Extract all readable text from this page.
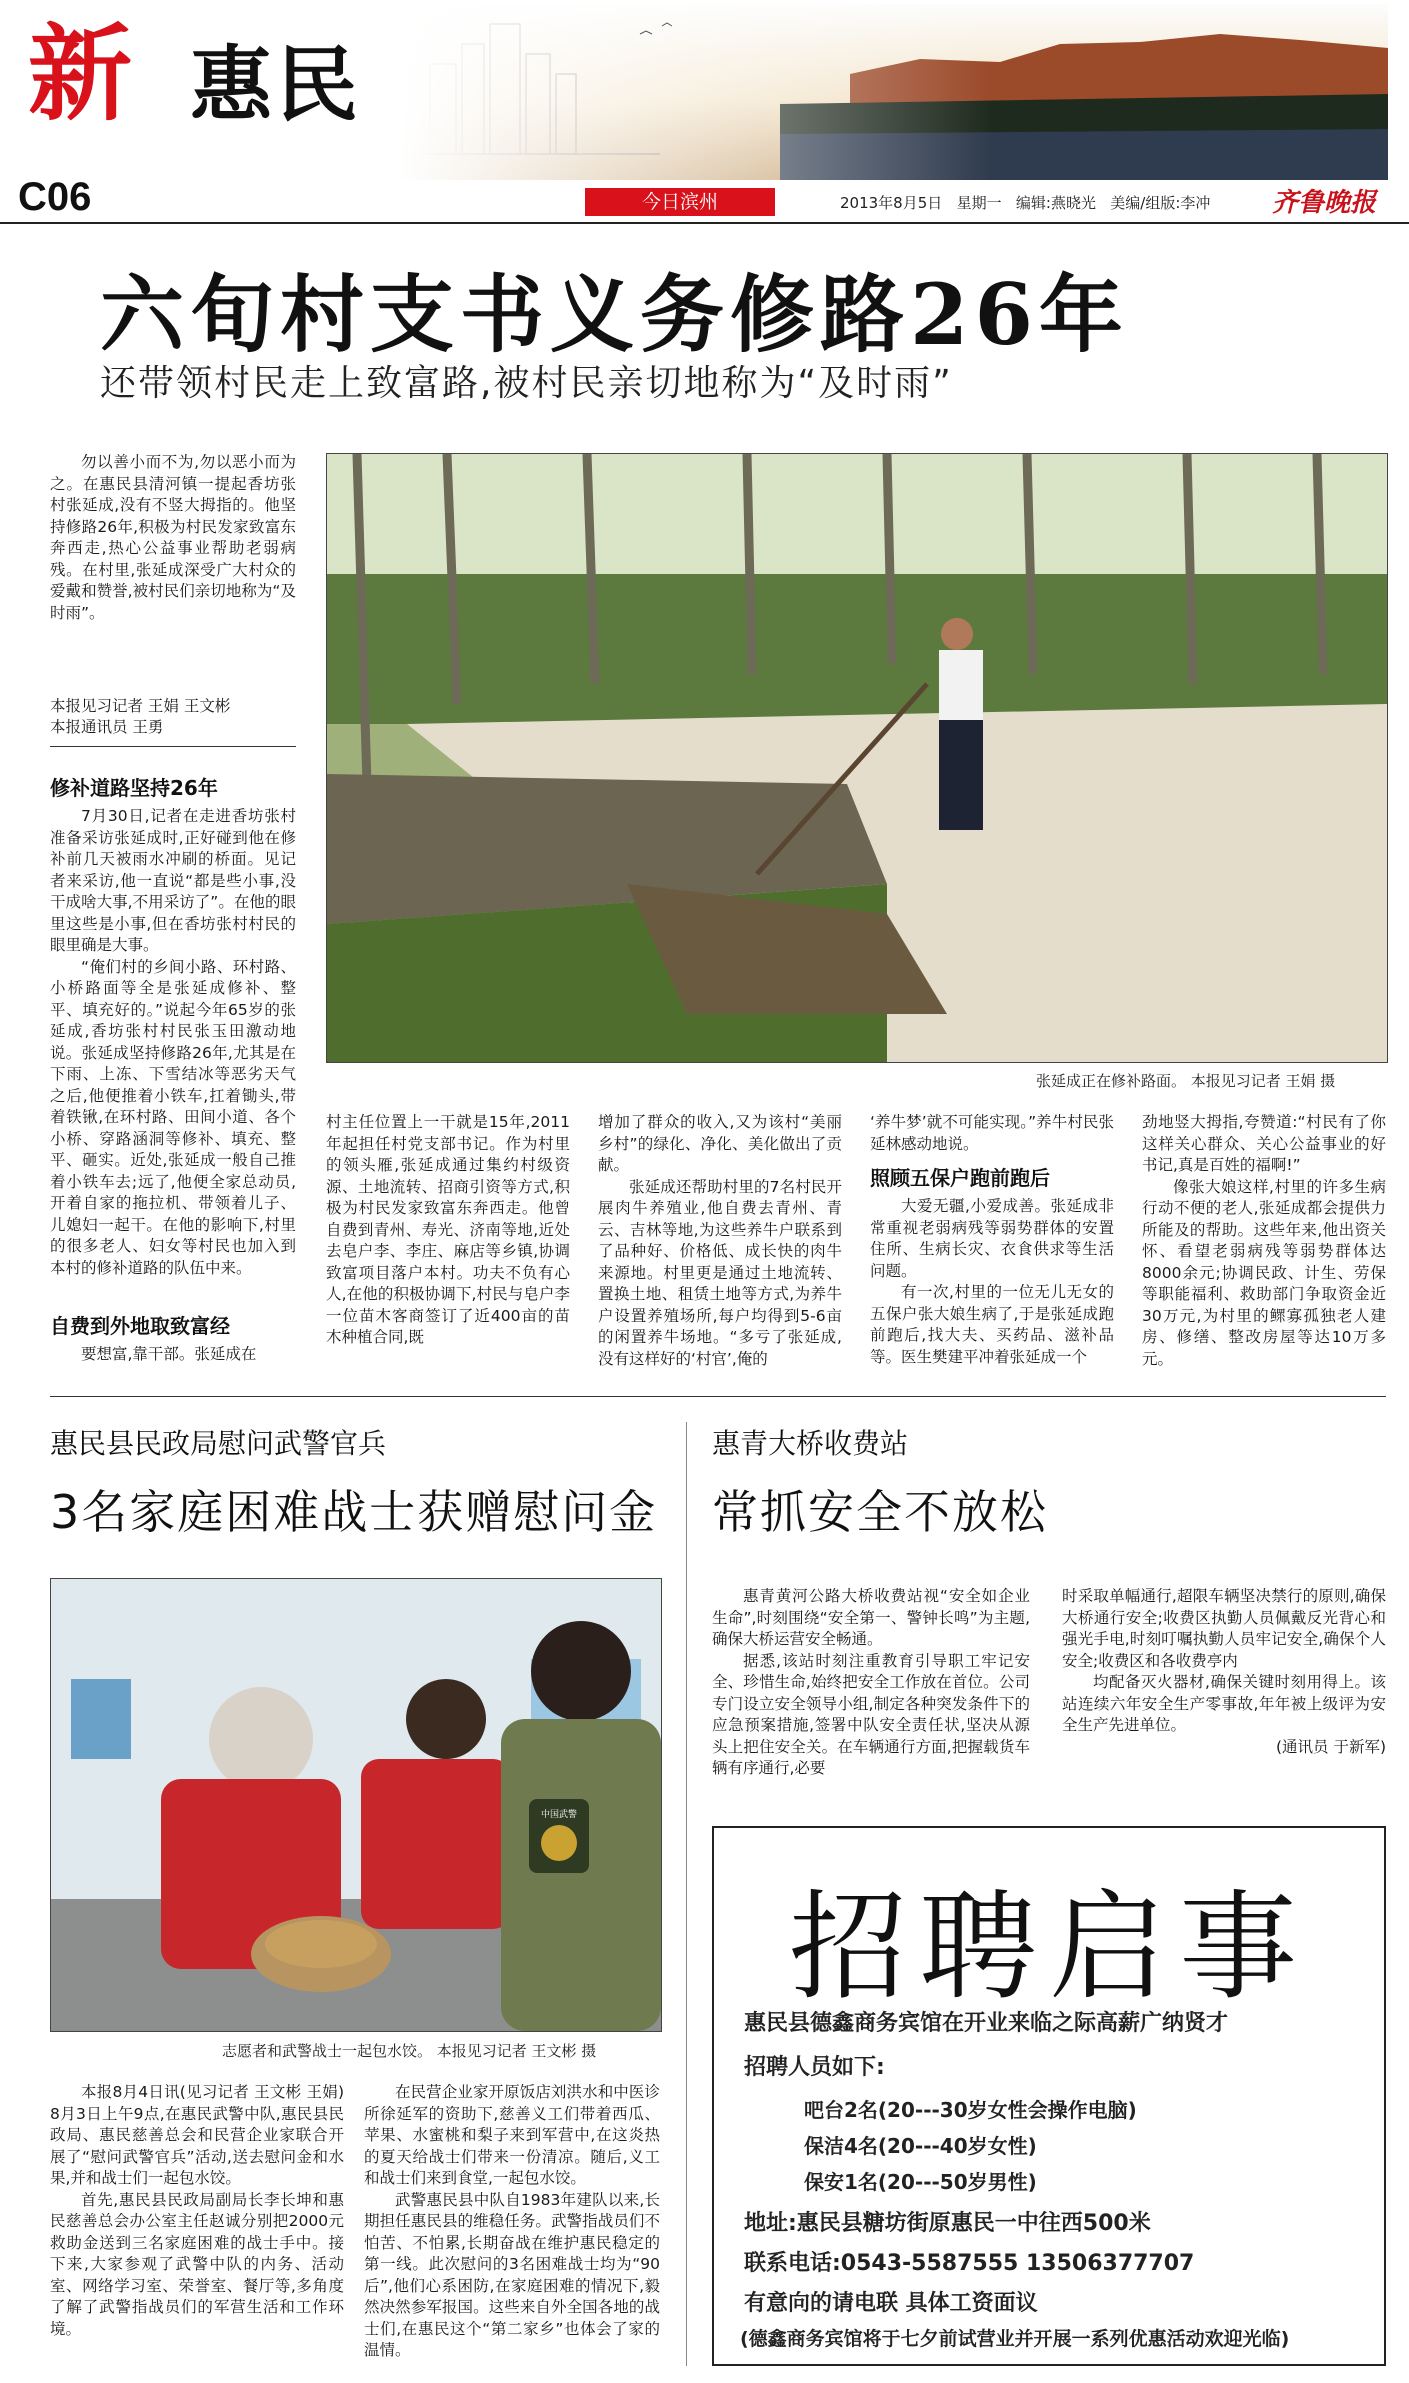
新 惠民
C06	今日滨州	2013年8月5日 星期一 编辑:燕晓光 美编/组版:李冲 齐鲁晚报
六旬村支书义务修路26年
还带领村民走上致富路,被村民亲切地称为“及时雨”

勿以善小而不为,勿以恶小而为之。在惠民县清河镇一提起香坊张村张延成,没有不竖大拇指的。他坚持修路26年,积极为村民发家致富东奔西走,热心公益事业帮助老弱病残。在村里,张延成深受广大村众的爱戴和赞誉,被村民们亲切地称为“及时雨”。

本报见习记者 王娟 王文彬
本报通讯员 王勇
修补道路坚持26年

7月30日,记者在走进香坊张村准备采访张延成时,正好碰到他在修补前几天被雨水冲刷的桥面。见记者来采访,他一直说“都是些小事,没干成啥大事,不用采访了”。在他的眼里这些是小事,但在香坊张村村民的眼里确是大事。

“俺们村的乡间小路、环村路、小桥路面等全是张延成修补、整平、填充好的。”说起今年65岁的张延成,香坊张村村民张玉田激动地说。张延成坚持修路26年,尤其是在下雨、上冻、下雪结冰等恶劣天气之后,他便推着小铁车,扛着锄头,带着铁锹,在环村路、田间小道、各个小桥、穿路涵洞等修补、填充、整平、砸实。近处,张延成一般自己推着小铁车去;远了,他便全家总动员,开着自家的拖拉机、带领着儿子、儿媳妇一起干。在他的影响下,村里的很多老人、妇女等村民也加入到本村的修补道路的队伍中来。

自费到外地取致富经

要想富,靠干部。张延成在

张延成正在修补路面。 本报见习记者 王娟 摄

村主任位置上一干就是15年,2011年起担任村党支部书记。作为村里的领头雁,张延成通过集约村级资源、土地流转、招商引资等方式,积极为村民发家致富东奔西走。他曾自费到青州、寿光、济南等地,近处去皂户李、李庄、麻店等乡镇,协调致富项目落户本村。功夫不负有心人,在他的积极协调下,村民与皂户李一位苗木客商签订了近400亩的苗木种植合同,既

增加了群众的收入,又为该村“美丽乡村”的绿化、净化、美化做出了贡献。

张延成还帮助村里的7名村民开展肉牛养殖业,他自费去青州、青云、吉林等地,为这些养牛户联系到了品种好、价格低、成长快的肉牛来源地。村里更是通过土地流转、置换土地、租赁土地等方式,为养牛户设置养殖场所,每户均得到5-6亩的闲置养牛场地。“多亏了张延成,没有这样好的‘村官’,俺的

‘养牛梦’就不可能实现。”养牛村民张延林感动地说。

照顾五保户跑前跑后

大爱无疆,小爱成善。张延成非常重视老弱病残等弱势群体的安置住所、生病长灾、衣食供求等生活问题。

有一次,村里的一位无儿无女的五保户张大娘生病了,于是张延成跑前跑后,找大夫、买药品、滋补品等。医生樊建平冲着张延成一个

劲地竖大拇指,夸赞道:“村民有了你这样关心群众、关心公益事业的好书记,真是百姓的福啊!”

像张大娘这样,村里的许多生病行动不便的老人,张延成都会提供力所能及的帮助。这些年来,他出资关怀、看望老弱病残等弱势群体达8000余元;协调民政、计生、劳保等职能福利、救助部门争取资金近30万元,为村里的鳏寡孤独老人建房、修缮、整改房屋等达10万多元。

惠民县民政局慰问武警官兵
3名家庭困难战士获赠慰问金
中国武警
志愿者和武警战士一起包水饺。 本报见习记者 王文彬 摄

本报8月4日讯(见习记者 王文彬 王娟) 8月3日上午9点,在惠民武警中队,惠民县民政局、惠民慈善总会和民营企业家联合开展了“慰问武警官兵”活动,送去慰问金和水果,并和战士们一起包水饺。

首先,惠民县民政局副局长李长坤和惠民慈善总会办公室主任赵诚分别把2000元救助金送到三名家庭困难的战士手中。接下来,大家参观了武警中队的内务、活动室、网络学习室、荣誉室、餐厅等,多角度了解了武警指战员们的军营生活和工作环境。

在民营企业家开原饭店刘洪水和中医诊所徐延军的资助下,慈善义工们带着西瓜、苹果、水蜜桃和梨子来到军营中,在这炎热的夏天给战士们带来一份清凉。随后,义工和战士们来到食堂,一起包水饺。

武警惠民县中队自1983年建队以来,长期担任惠民县的维稳任务。武警指战员们不怕苦、不怕累,长期奋战在维护惠民稳定的第一线。此次慰问的3名困难战士均为“90后”,他们心系困防,在家庭困难的情况下,毅然决然参军报国。这些来自外全国各地的战士们,在惠民这个“第二家乡”也体会了家的温情。

惠青大桥收费站
常抓安全不放松

惠青黄河公路大桥收费站视“安全如企业生命”,时刻围绕“安全第一、警钟长鸣”为主题,确保大桥运营安全畅通。

据悉,该站时刻注重教育引导职工牢记安全、珍惜生命,始终把安全工作放在首位。公司专门设立安全领导小组,制定各种突发条件下的应急预案措施,签署中队安全责任状,坚决从源头上把住安全关。在车辆通行方面,把握载货车辆有序通行,必要

时采取单幅通行,超限车辆坚决禁行的原则,确保大桥通行安全;收费区执勤人员佩戴反光背心和强光手电,时刻叮嘱执勤人员牢记安全,确保个人安全;收费区和各收费亭内

均配备灭火器材,确保关键时刻用得上。该站连续六年安全生产零事故,年年被上级评为安全生产先进单位。

(通讯员 于新军)

招聘启事
惠民县德鑫商务宾馆在开业来临之际高薪广纳贤才
招聘人员如下:
吧台2名(20---30岁女性会操作电脑)
保洁4名(20---40岁女性)
保安1名(20---50岁男性)
地址:惠民县糖坊街原惠民一中往西500米
联系电话:0543-5587555 13506377707
有意向的请电联 具体工资面议
(德鑫商务宾馆将于七夕前试营业并开展一系列优惠活动欢迎光临)
